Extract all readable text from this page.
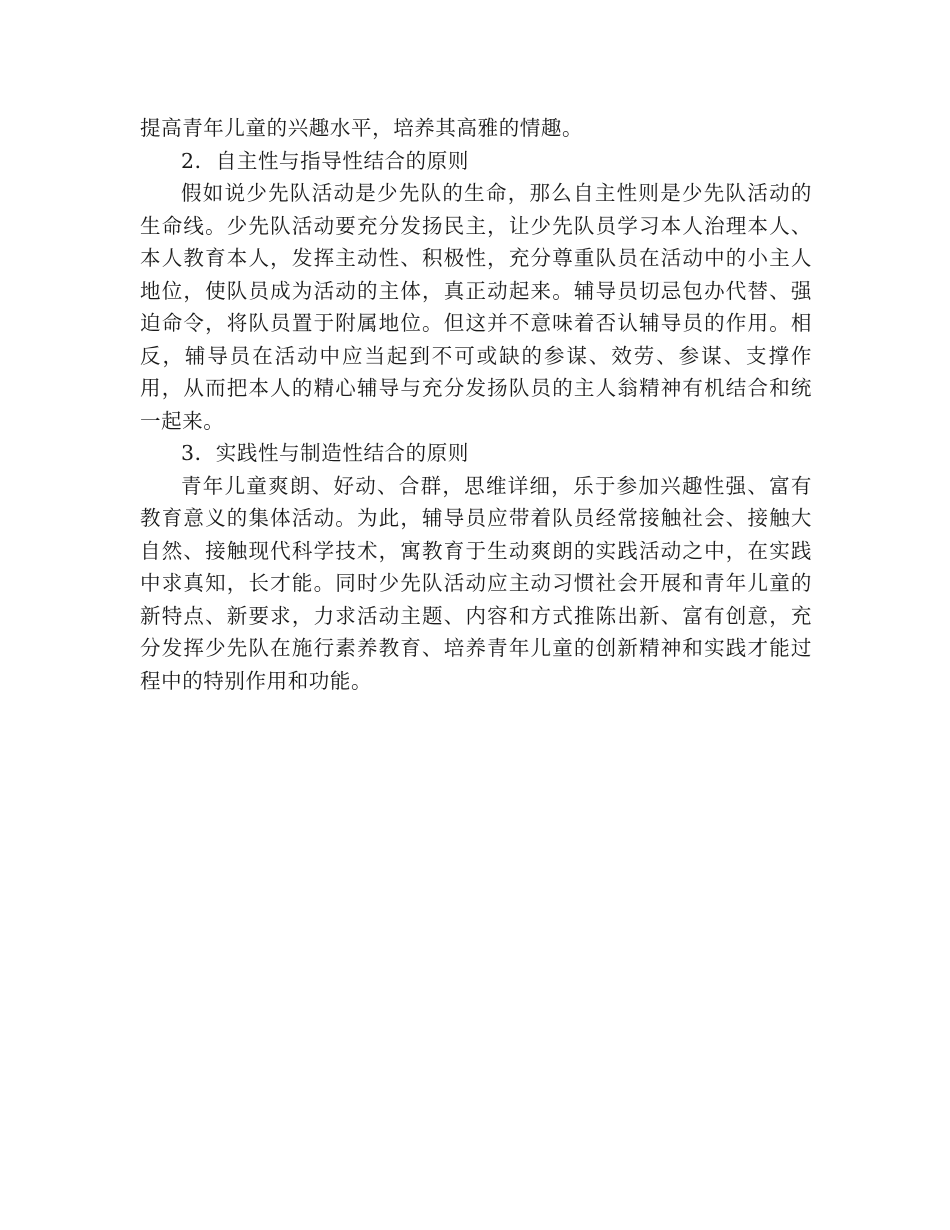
提高青年儿童的兴趣水平，培养其高雅的情趣。

2．自主性与指导性结合的原则

假如说少先队活动是少先队的生命，那么自主性则是少先队活动的生命线。少先队活动要充分发扬民主，让少先队员学习本人治理本人、本人教育本人，发挥主动性、积极性，充分尊重队员在活动中的小主人地位，使队员成为活动的主体，真正动起来。辅导员切忌包办代替、强迫命令，将队员置于附属地位。但这并不意味着否认辅导员的作用。相反，辅导员在活动中应当起到不可或缺的参谋、效劳、参谋、支撑作用，从而把本人的精心辅导与充分发扬队员的主人翁精神有机结合和统一起来。

3．实践性与制造性结合的原则

青年儿童爽朗、好动、合群，思维详细，乐于参加兴趣性强、富有教育意义的集体活动。为此，辅导员应带着队员经常接触社会、接触大自然、接触现代科学技术，寓教育于生动爽朗的实践活动之中，在实践中求真知，长才能。同时少先队活动应主动习惯社会开展和青年儿童的新特点、新要求，力求活动主题、内容和方式推陈出新、富有创意，充分发挥少先队在施行素养教育、培养青年儿童的创新精神和实践才能过程中的特别作用和功能。
